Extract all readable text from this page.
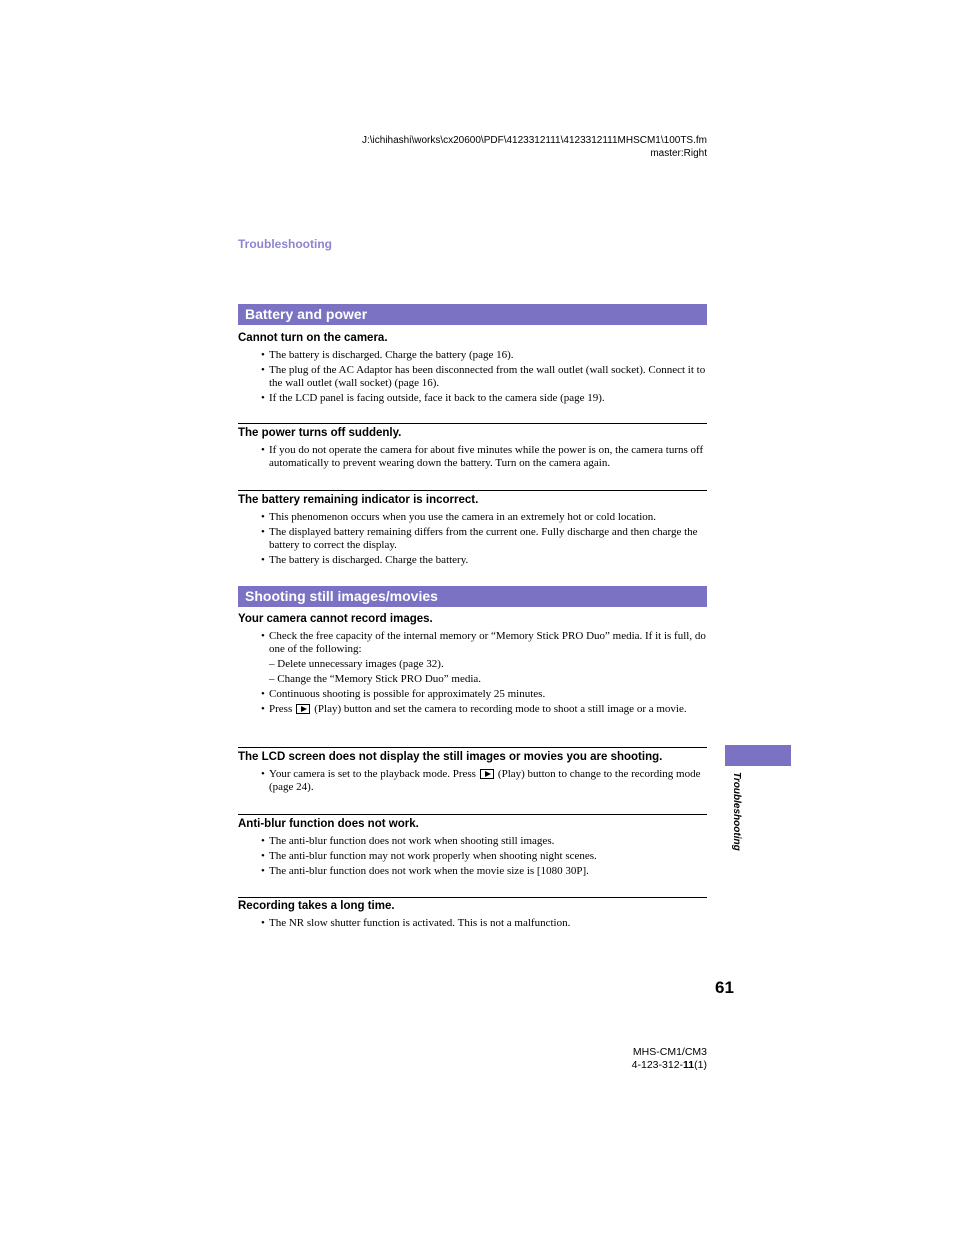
J:\ichihashi\works\cx20600\PDF\4123312111\4123312111MHSCM1\100TS.fm
master:Right
Troubleshooting
Battery and power

Cannot turn on the camera.

• The battery is discharged. Charge the battery (page 16).
• The plug of the AC Adaptor has been disconnected from the wall outlet (wall socket). Connect it to the wall outlet (wall socket) (page 16).
• If the LCD panel is facing outside, face it back to the camera side (page 19).

The power turns off suddenly.

• If you do not operate the camera for about five minutes while the power is on, the camera turns off automatically to prevent wearing down the battery. Turn on the camera again.

The battery remaining indicator is incorrect.

• This phenomenon occurs when you use the camera in an extremely hot or cold location.
• The displayed battery remaining differs from the current one. Fully discharge and then charge the battery to correct the display.
• The battery is discharged. Charge the battery.
Shooting still images/movies

Your camera cannot record images.

• Check the free capacity of the internal memory or “Memory Stick PRO Duo” media. If it is full, do one of the following:
– Delete unnecessary images (page 32).
– Change the “Memory Stick PRO Duo” media.
• Continuous shooting is possible for approximately 25 minutes.
• Press (Play) button and set the camera to recording mode to shoot a still image or a movie.

The LCD screen does not display the still images or movies you are shooting.

• Your camera is set to the playback mode. Press (Play) button to change to the recording mode (page 24).

Anti-blur function does not work.

• The anti-blur function does not work when shooting still images.
• The anti-blur function may not work properly when shooting night scenes.
• The anti-blur function does not work when the movie size is [1080 30P].

Recording takes a long time.

• The NR slow shutter function is activated. This is not a malfunction.
Troubleshooting
61
MHS-CM1/CM3
4-123-312-11(1)
